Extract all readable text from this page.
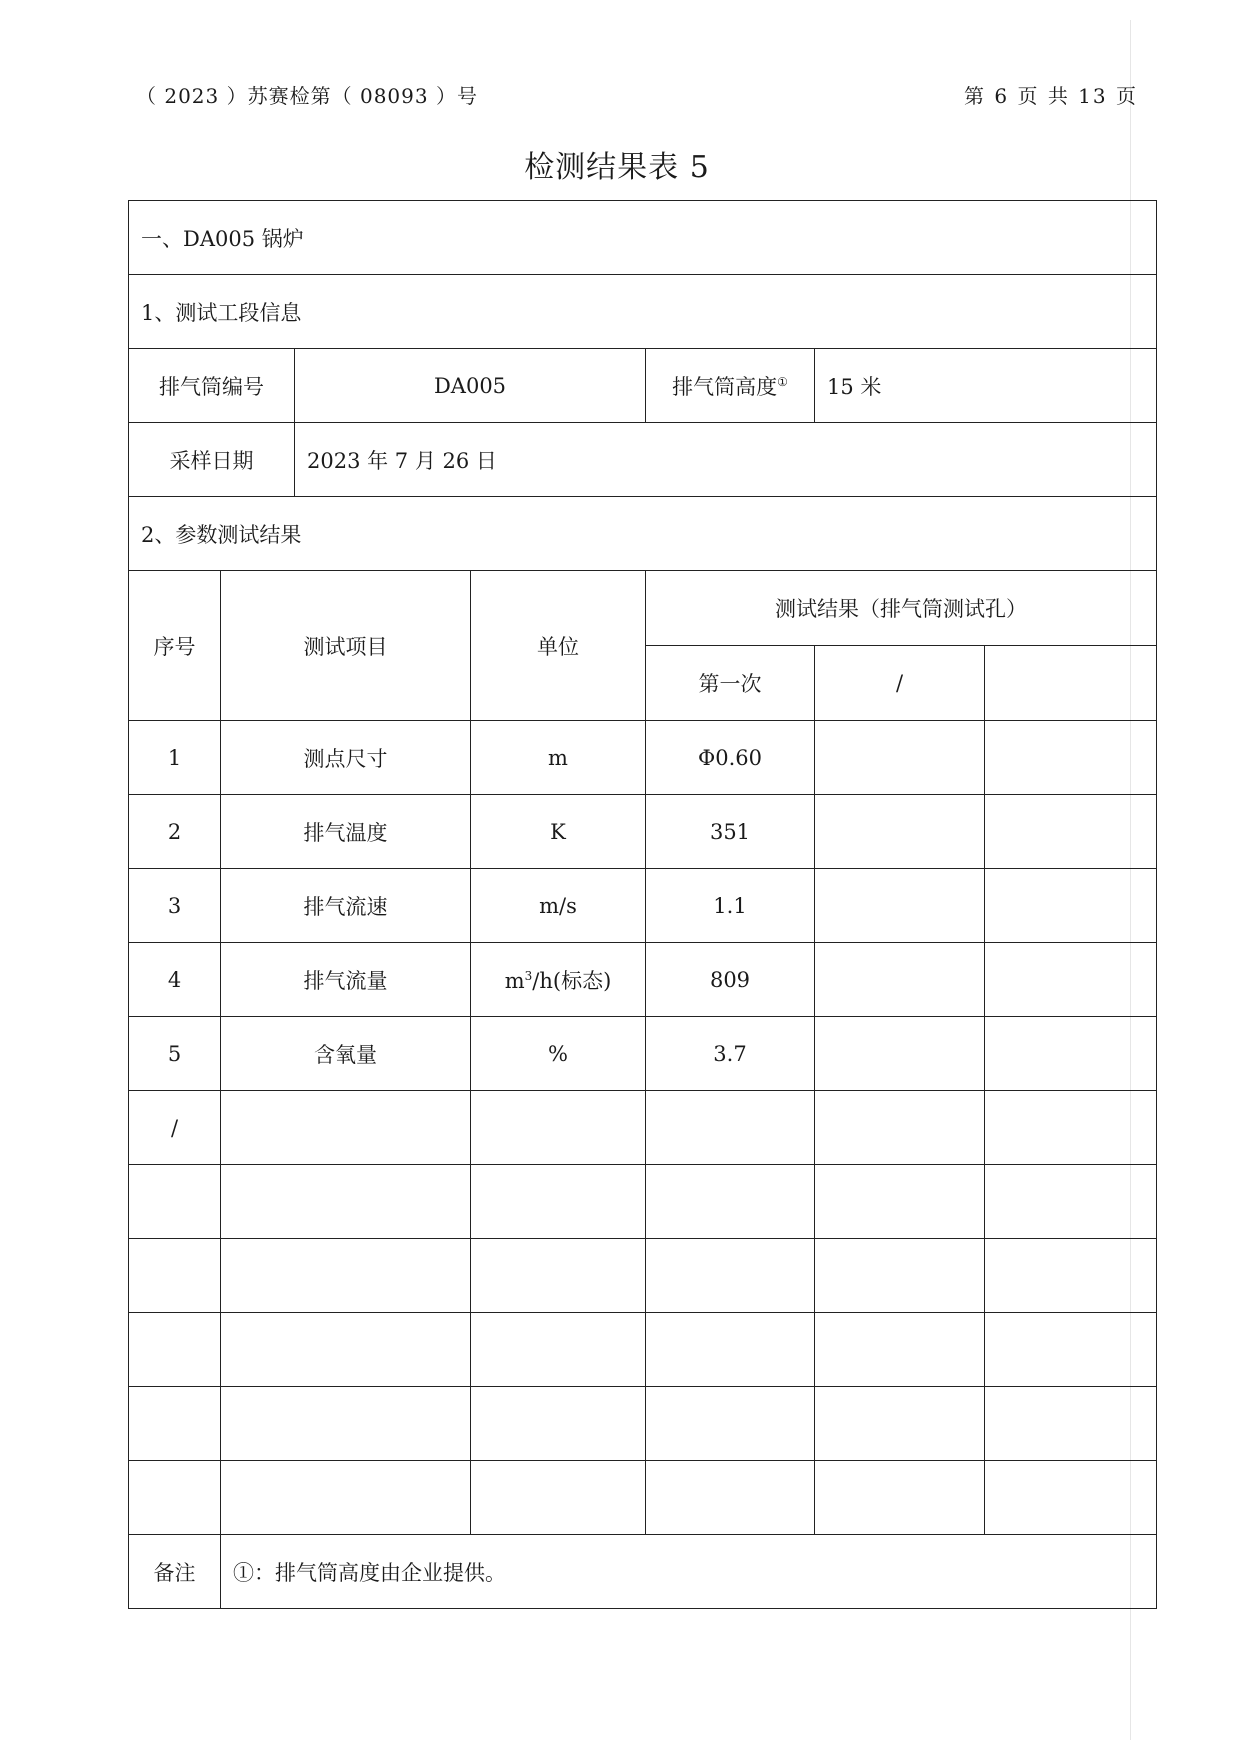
（ 2023 ）苏赛检第（ 08093 ）号	第 6 页 共 13 页
检测结果表 5
一、DA005 锅炉						
1、测试工段信息						
排气筒编号		DA005		排气筒高度①	15 米	
采样日期		2023 年 7 月 26 日				
2、参数测试结果						
序号	测试项目		单位	测试结果（排气筒测试孔）		
				第一次	/	
1	测点尺寸		m	Φ0.60		
2	排气温度		K	351		
3	排气流速		m/s	1.1		
4	排气流量		$m^3/h$(标态)	809		
5	含氧量		%	3.7		
/						

备注	①：排气筒高度由企业提供。					
